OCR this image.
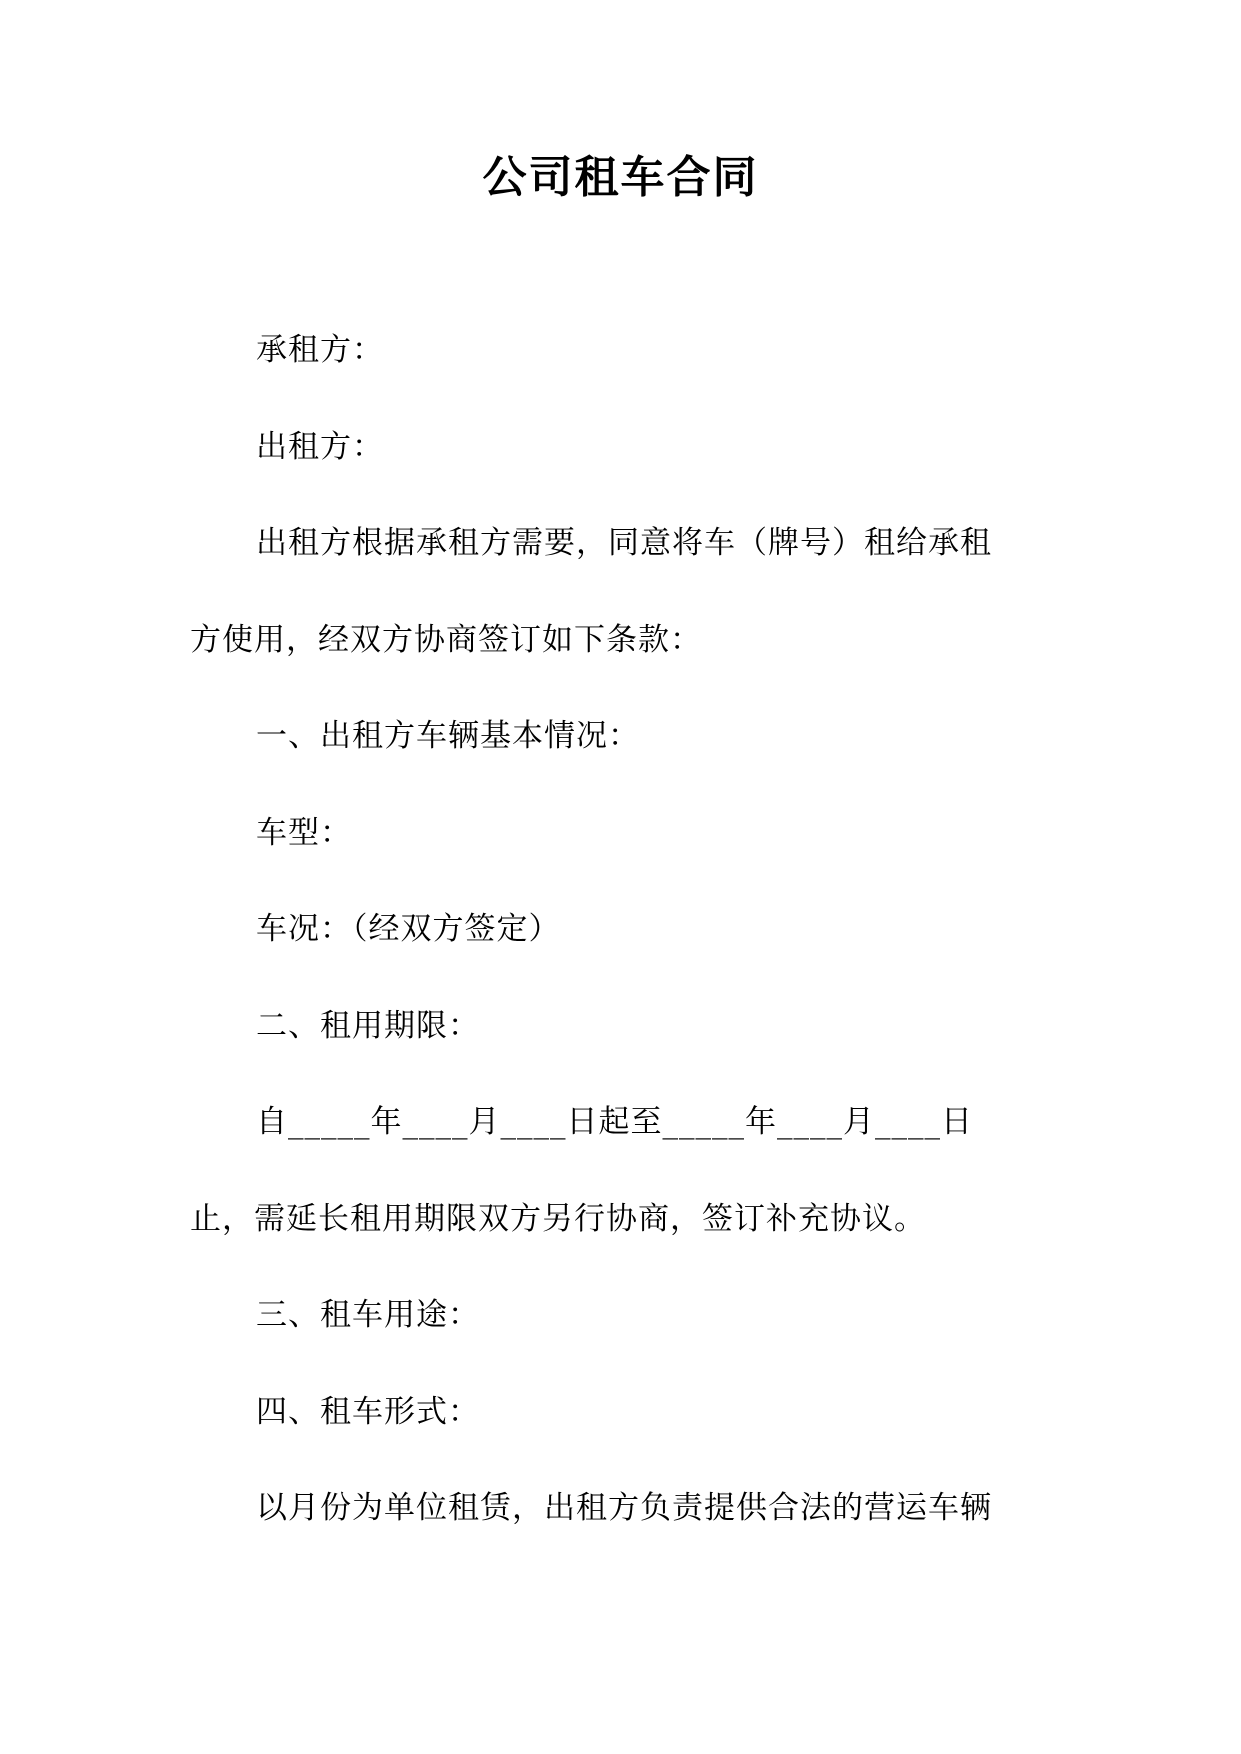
公司租车合同

承租方：

出租方：

出租方根据承租方需要，同意将车（牌号）租给承租方使用，经双方协商签订如下条款：

一、出租方车辆基本情况：

车型：

车况：（经双方签定）

二、租用期限：

自_____年____月____日起至_____年____月____日止，需延长租用期限双方另行协商，签订补充协议。

三、租车用途：

四、租车形式：

以月份为单位租赁，出租方负责提供合法的营运车辆
